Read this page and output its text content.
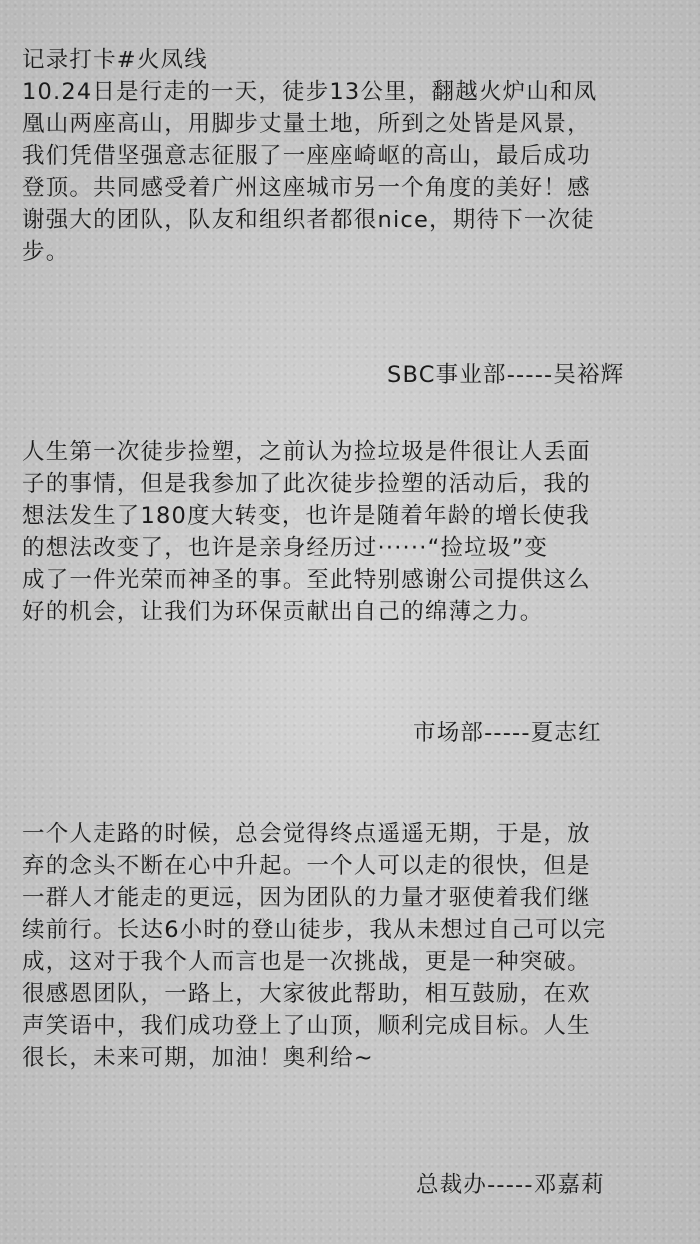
记录打卡#火凤线
10.24日是行走的一天，徒步13公里，翻越火炉山和凤
凰山两座高山，用脚步丈量土地，所到之处皆是风景，
我们凭借坚强意志征服了一座座崎岖的高山，最后成功
登顶。共同感受着广州这座城市另一个角度的美好！感
谢强大的团队，队友和组织者都很nice，期待下一次徒
步。
SBC事业部-----吴裕辉
人生第一次徒步捡塑，之前认为捡垃圾是件很让人丢面
子的事情，但是我参加了此次徒步捡塑的活动后，我的
想法发生了180度大转变，也许是随着年龄的增长使我
的想法改变了，也许是亲身经历过······“捡垃圾”变
成了一件光荣而神圣的事。至此特别感谢公司提供这么
好的机会，让我们为环保贡献出自己的绵薄之力。
市场部-----夏志红
一个人走路的时候，总会觉得终点遥遥无期，于是，放
弃的念头不断在心中升起。一个人可以走的很快，但是
一群人才能走的更远，因为团队的力量才驱使着我们继
续前行。长达6小时的登山徒步，我从未想过自己可以完
成，这对于我个人而言也是一次挑战，更是一种突破。
很感恩团队，一路上，大家彼此帮助，相互鼓励，在欢
声笑语中，我们成功登上了山顶，顺利完成目标。人生
很长，未来可期，加油！奥利给~
总裁办-----邓嘉莉
